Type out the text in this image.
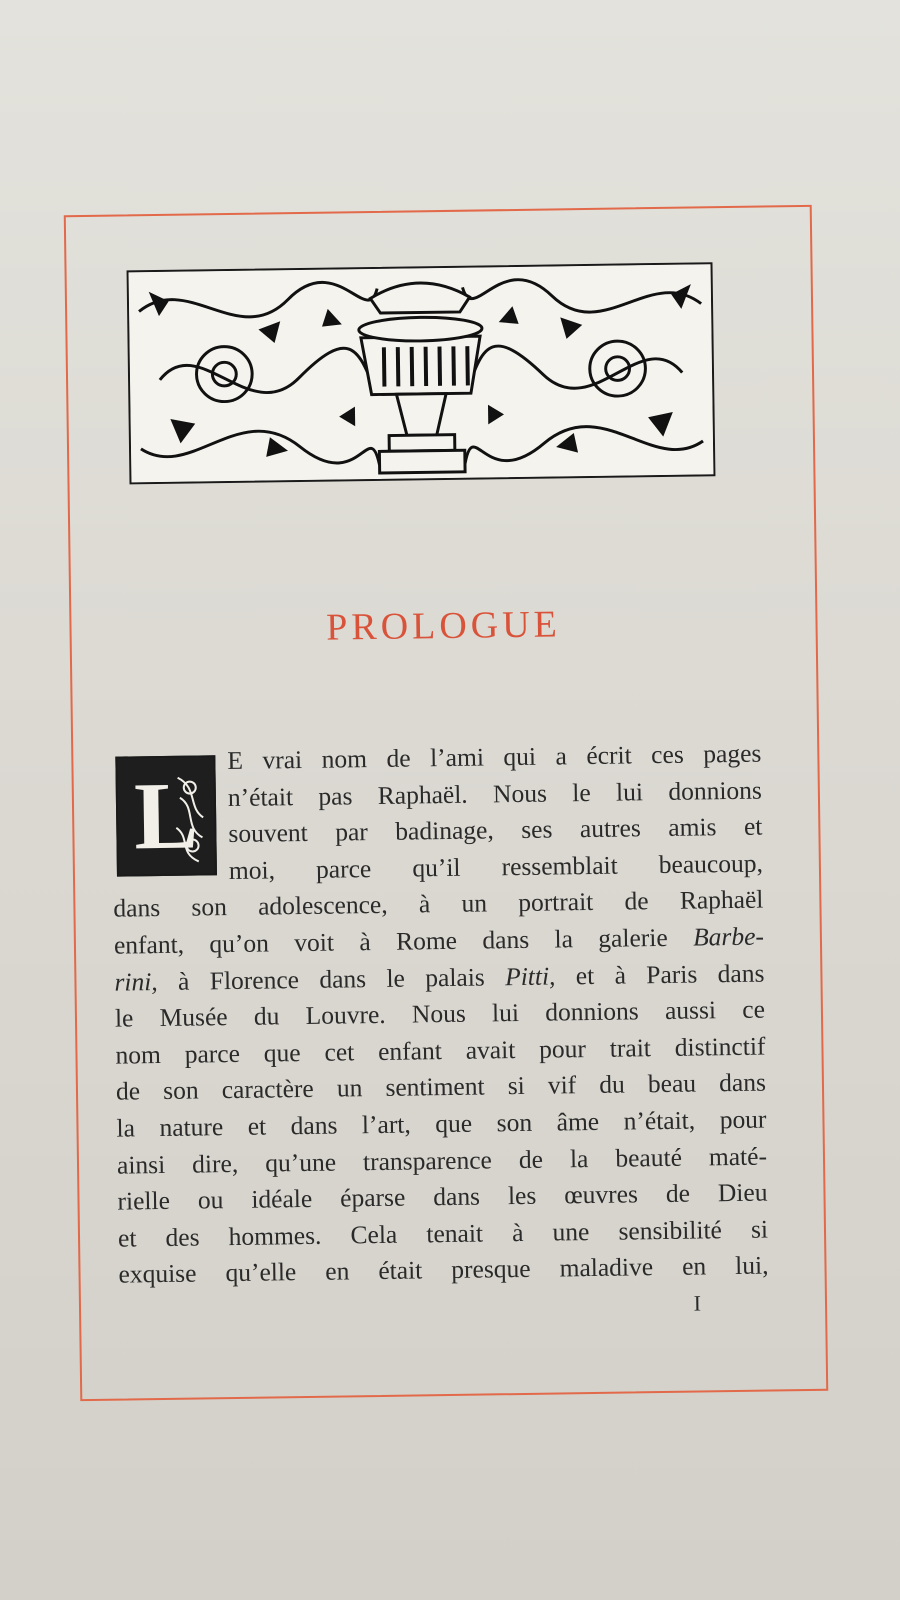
PROLOGUE
L
E vrai nom de l’ami qui a écrit ces pages
n’était pas Raphaël. Nous le lui donnions
souvent par badinage, ses autres amis et
moi, parce qu’il ressemblait beaucoup,
dans son adolescence, à un portrait de Raphaël
enfant, qu’on voit à Rome dans la galerie Barbe-
rini, à Florence dans le palais Pitti, et à Paris dans
le Musée du Louvre. Nous lui donnions aussi ce
nom parce que cet enfant avait pour trait distinctif
de son caractère un sentiment si vif du beau dans
la nature et dans l’art, que son âme n’était, pour
ainsi dire, qu’une transparence de la beauté maté-
rielle ou idéale éparse dans les œuvres de Dieu
et des hommes. Cela tenait à une sensibilité si
exquise qu’elle en était presque maladive en lui,
I
